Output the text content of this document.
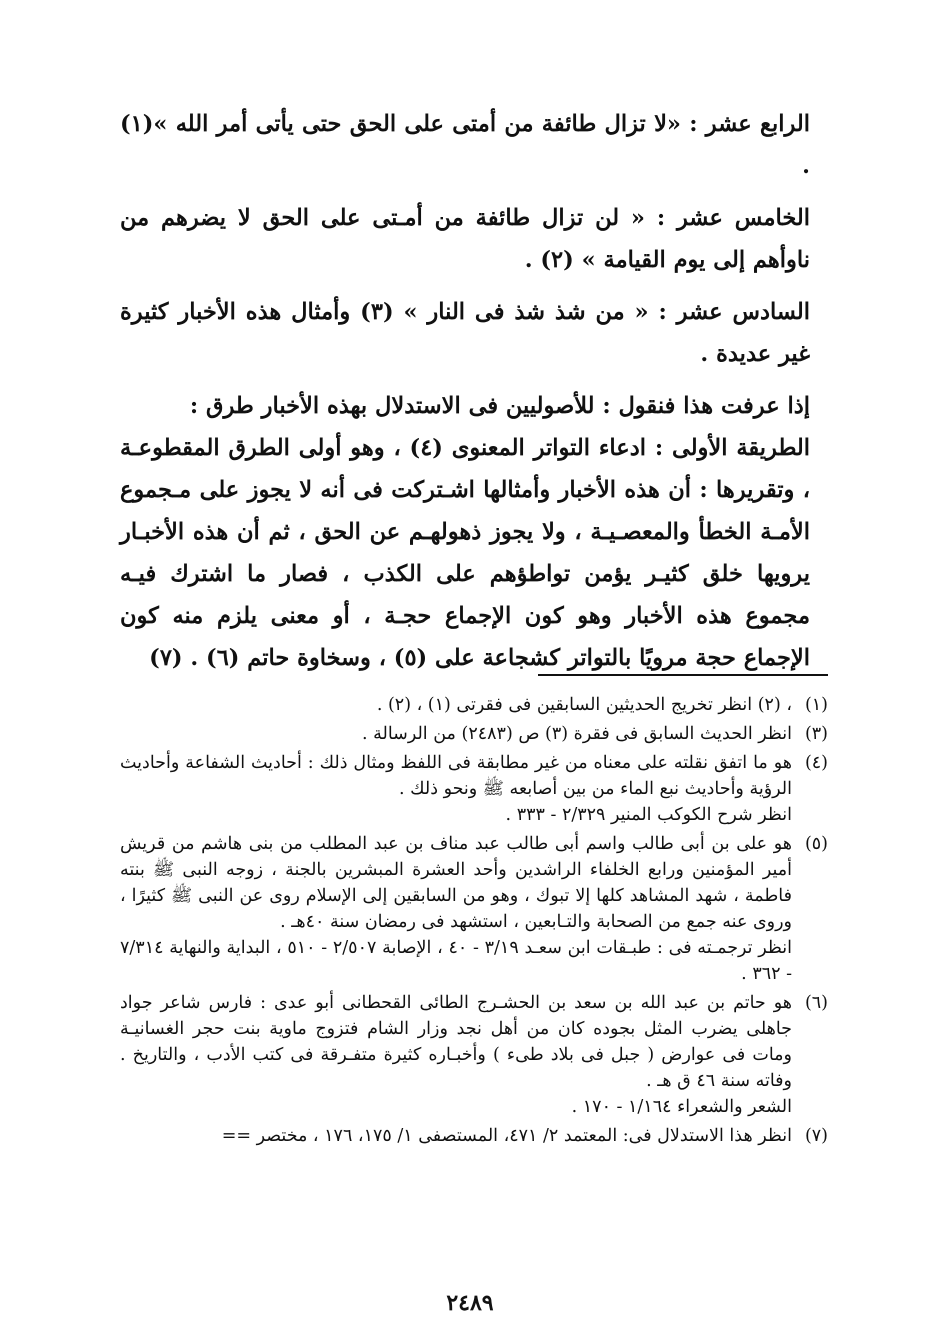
الرابع عشر : «لا تزال طائفة من أمتى على الحق حتى يأتى أمر الله »(١) .

الخامس عشر : « لن تزال طائفة من أمـتى على الحق لا يضرهم من ناوأهم إلى يوم القيامة » (٢) .

السادس عشر : « من شذ شذ فى النار » (٣) وأمثال هذه الأخبار كثيرة غير عديدة .

إذا عرفت هذا فنقول : للأصوليين فى الاستدلال بهذه الأخبار طرق :

الطريقة الأولى : ادعاء التواتر المعنوى (٤) ، وهو أولى الطرق المقطوعـة ، وتقريرها : أن هذه الأخبار وأمثالها اشـتركت فى أنه لا يجوز على مـجموع الأمـة الخطأ والمعصـيـة ، ولا يجوز ذهولهـم عن الحق ، ثم أن هذه الأخبـار يرويها خلق كثيـر يؤمن تواطؤهم على الكذب ، فصار ما اشترك فيـه مجموع هذه الأخبار وهو كون الإجماع حجـة ، أو معنى يلزم منه كون الإجماع حجة مرويًا بالتواتر كشجاعة على (٥) ، وسخاوة حاتم (٦) . (٧)

(١)

، (٢) انظر تخريج الحديثين السابقين فى فقرتى (١) ، (٢) .

(٣)

انظر الحديث السابق فى فقرة (٣) ص (٢٤٨٣) من الرسالة .

(٤)

هو ما اتفق نقلته على معناه من غير مطابقة فى اللفظ ومثال ذلك : أحاديث الشفاعة وأحاديث الرؤية وأحاديث نبع الماء من بين أصابعه ﷺ ونحو ذلك .

انظر شرح الكوكب المنير ٢/٣٢٩ - ٣٣٣ .

(٥)

هو على بن أبى طالب واسم أبى طالب عبد مناف بن عبد المطلب من بنى هاشم من قريش أمير المؤمنين ورابع الخلفاء الراشدين وأحد العشرة المبشرين بالجنة ، زوجه النبى ﷺ بنته فاطمة ، شهد المشاهد كلها إلا تبوك ، وهو من السابقين إلى الإسلام روى عن النبى ﷺ كثيرًا ، وروى عنه جمع من الصحابة والتـابعين ، استشهد فى رمضان سنة ٤٠هـ .

انظر ترجمـته فى : طبـقات ابن سعـد ٣/١٩ - ٤٠ ، الإصابة ٢/٥٠٧ - ٥١٠ ، البداية والنهاية ٧/٣١٤ - ٣٦٢ .

(٦)

هو حاتم بن عبد الله بن سعد بن الحشـرج الطائى القحطانى أبو عدى : فارس شاعر جواد جاهلى يضرب المثل بجوده كان من أهل نجد وزار الشام فتزوج ماوية بنت حجر الغسانيـة ومات فى عوارض ( جبل فى بلاد طىء ) وأخبـاره كثيرة متفـرقة فى كتب الأدب ، والتاريخ . وفاته سنة ٤٦ ق هـ .

الشعر والشعراء ١/١٦٤ - ١٧٠ .

(٧)

انظر هذا الاستدلال فى: المعتمد ٢/ ٤٧١، المستصفى ١/ ١٧٥، ١٧٦ ، مختصر ==

٢٤٨٩
